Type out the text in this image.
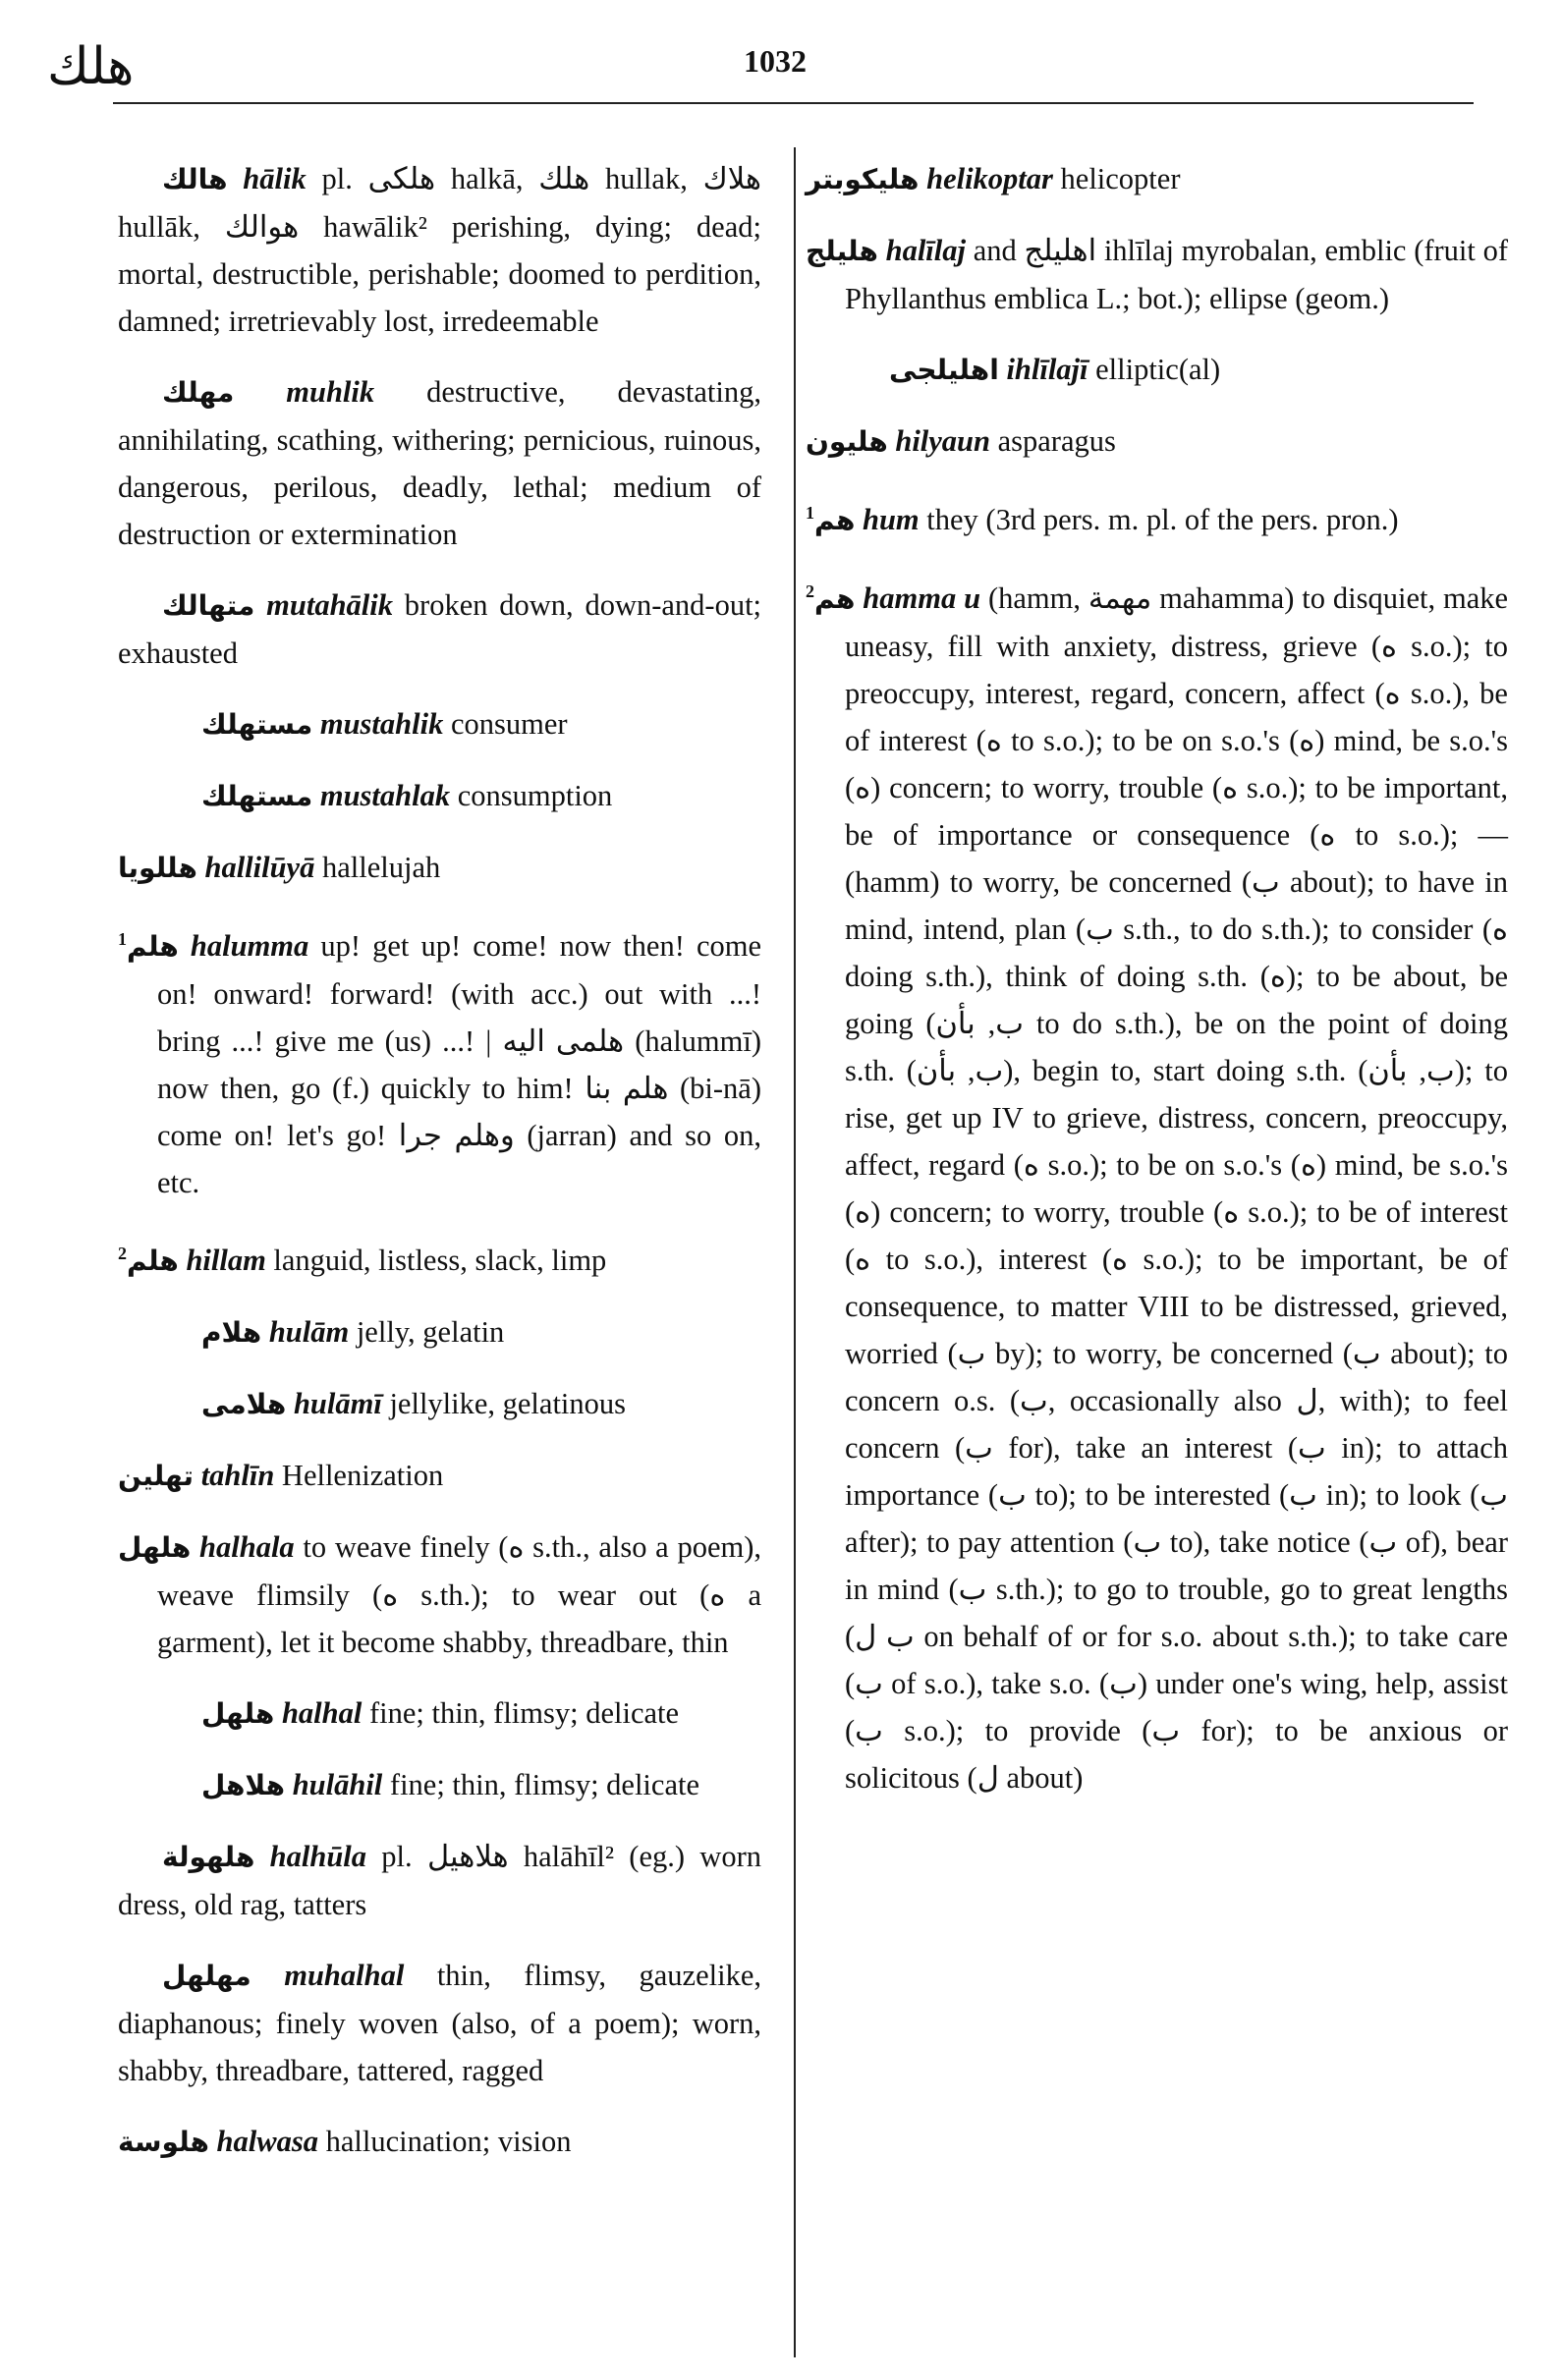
هلك	1032

هالك hālik pl. هلكى halkā, هلك hullak, هلاك hullāk, هوالك hawālik² perishing, dying; dead; mortal, destructible, perishable; doomed to perdition, damned; irretrievably lost, irredeemable

مهلك muhlik destructive, devastating, annihilating, scathing, withering; pernicious, ruinous, dangerous, perilous, deadly, lethal; medium of destruction or extermination

متهالك mutahālik broken down, down-and-out; exhausted

مستهلك mustahlik consumer

مستهلك mustahlak consumption

هللويا hallilūyā hallelujah

$^1$هلم halumma up! get up! come! now then! come on! onward! forward! (with acc.) out with ...! bring ...! give me (us) ...! | هلمى اليه (halummī) now then, go (f.) quickly to him! هلم بنا (bi-nā) come on! let's go! وهلم جرا (jarran) and so on, etc.

$^2$هلم hillam languid, listless, slack, limp

هلام hulām jelly, gelatin

هلامى hulāmī jellylike, gelatinous

تهلين tahlīn Hellenization

هلهل halhala to weave finely (ه s.th., also a poem), weave flimsily (ه s.th.); to wear out (ه a garment), let it become shabby, threadbare, thin

هلهل halhal fine; thin, flimsy; delicate

هلاهل hulāhil fine; thin, flimsy; delicate

هلهولة halhūla pl. هلاهيل halāhīl² (eg.) worn dress, old rag, tatters

مهلهل muhalhal thin, flimsy, gauzelike, diaphanous; finely woven (also, of a poem); worn, shabby, threadbare, tattered, ragged

هلوسة halwasa hallucination; vision

هليكوبتر helikoptar helicopter

هليلج halīlaj and اهليلج ihlīlaj myrobalan, emblic (fruit of Phyllanthus emblica L.; bot.); ellipse (geom.)

اهليلجى ihlīlajī elliptic(al)

هليون hilyaun asparagus

$^1$هم hum they (3rd pers. m. pl. of the pers. pron.)

$^2$هم hamma u (hamm, مهمة mahamma) to disquiet, make uneasy, fill with anxiety, distress, grieve (ه s.o.); to preoccupy, interest, regard, concern, affect (ه s.o.), be of interest (ه to s.o.); to be on s.o.'s (ه) mind, be s.o.'s (ه) concern; to worry, trouble (ه s.o.); to be important, be of importance or consequence (ه to s.o.); — (hamm) to worry, be concerned (ب about); to have in mind, intend, plan (ب s.th., to do s.th.); to consider (ه doing s.th.), think of doing s.th. (ه); to be about, be going (ب, بأن to do s.th.), be on the point of doing s.th. (ب, بأن), begin to, start doing s.th. (ب, بأن); to rise, get up IV to grieve, distress, concern, preoccupy, affect, regard (ه s.o.); to be on s.o.'s (ه) mind, be s.o.'s (ه) concern; to worry, trouble (ه s.o.); to be of interest (ه to s.o.), interest (ه s.o.); to be important, be of consequence, to matter VIII to be distressed, grieved, worried (ب by); to worry, be concerned (ب about); to concern o.s. (ب, occasionally also ل, with); to feel concern (ب for), take an interest (ب in); to attach importance (ب to); to be interested (ب in); to look (ب after); to pay attention (ب to), take notice (ب of), bear in mind (ب s.th.); to go to trouble, go to great lengths (ب ل on behalf of or for s.o. about s.th.); to take care (ب of s.o.), take s.o. (ب) under one's wing, help, assist (ب s.o.); to provide (ب for); to be anxious or solicitous (ل about)
